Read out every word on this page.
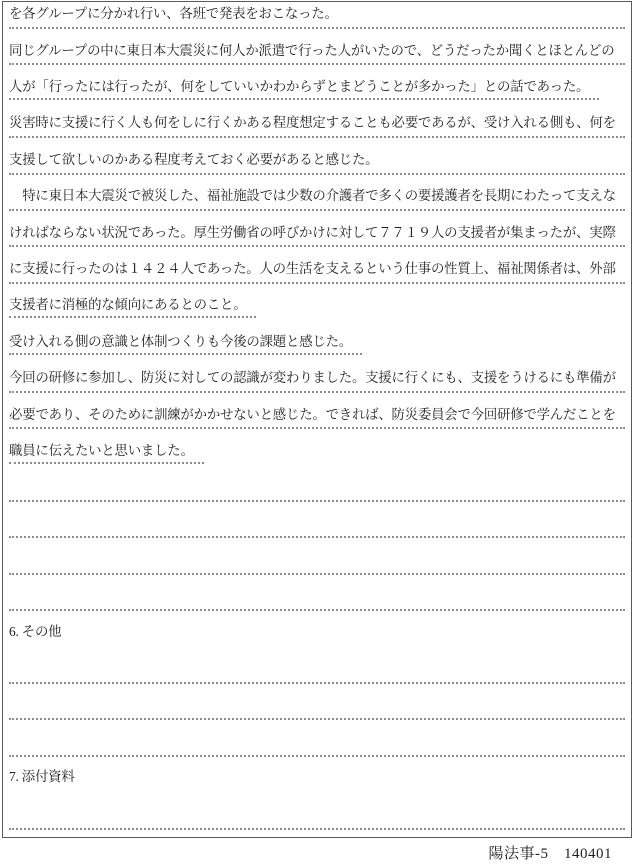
を各グループに分かれ行い、各班で発表をおこなった。
同じグループの中に東日本大震災に何人か派遣で行った人がいたので、どうだったか聞くとほとんどの
人が「行ったには行ったが、何をしていいかわからずとまどうことが多かった」との話であった。
災害時に支援に行く人も何をしに行くかある程度想定することも必要であるが、受け入れる側も、何を
支援して欲しいのかある程度考えておく必要があると感じた。
　特に東日本大震災で被災した、福祉施設では少数の介護者で多くの要援護者を長期にわたって支えな
ければならない状況であった。厚生労働省の呼びかけに対して７７１９人の支援者が集まったが、実際
に支援に行ったのは１４２４人であった。人の生活を支えるという仕事の性質上、福祉関係者は、外部
支援者に消極的な傾向にあるとのこと。
受け入れる側の意識と体制つくりも今後の課題と感じた。
今回の研修に参加し、防災に対しての認識が変わりました。支援に行くにも、支援をうけるにも準備が
必要であり、そのために訓練がかかせないと感じた。できれば、防災委員会で今回研修で学んだことを
職員に伝えたいと思いました。
6. その他
7. 添付資料
陽法事-5　140401
